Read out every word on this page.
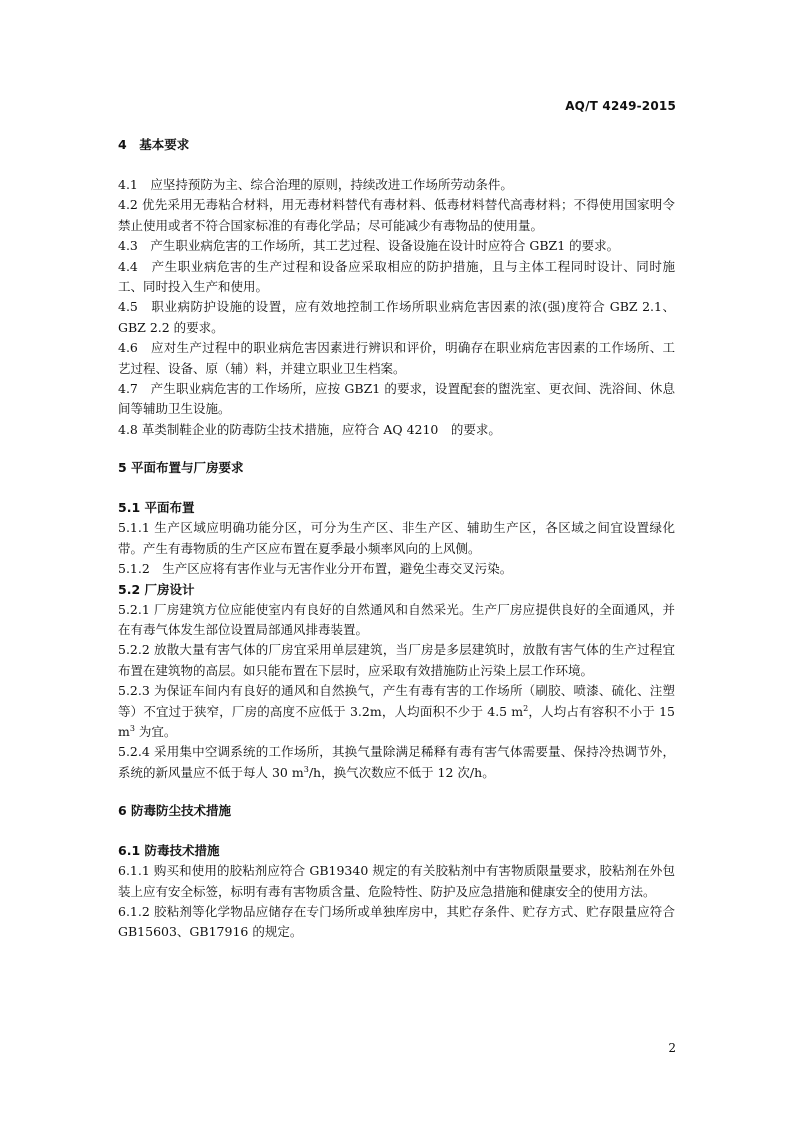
AQ/T 4249-2015
4　基本要求
4.1　应坚持预防为主、综合治理的原则，持续改进工作场所劳动条件。
4.2 优先采用无毒粘合材料，用无毒材料替代有毒材料、低毒材料替代高毒材料；不得使用国家明令禁止使用或者不符合国家标准的有毒化学品；尽可能减少有毒物品的使用量。
4.3　产生职业病危害的工作场所，其工艺过程、设备设施在设计时应符合 GBZ1 的要求。
4.4　产生职业病危害的生产过程和设备应采取相应的防护措施，且与主体工程同时设计、同时施工、同时投入生产和使用。
4.5　职业病防护设施的设置，应有效地控制工作场所职业病危害因素的浓(强)度符合 GBZ 2.1、GBZ 2.2 的要求。
4.6　应对生产过程中的职业病危害因素进行辨识和评价，明确存在职业病危害因素的工作场所、工艺过程、设备、原（辅）料，并建立职业卫生档案。
4.7　产生职业病危害的工作场所，应按 GBZ1 的要求，设置配套的盥洗室、更衣间、洗浴间、休息间等辅助卫生设施。
4.8 革类制鞋企业的防毒防尘技术措施，应符合 AQ 4210　的要求。
5 平面布置与厂房要求
5.1 平面布置
5.1.1 生产区域应明确功能分区，可分为生产区、非生产区、辅助生产区，各区域之间宜设置绿化带。产生有毒物质的生产区应布置在夏季最小频率风向的上风侧。
5.1.2　生产区应将有害作业与无害作业分开布置，避免尘毒交叉污染。
5.2 厂房设计
5.2.1 厂房建筑方位应能使室内有良好的自然通风和自然采光。生产厂房应提供良好的全面通风，并在有毒气体发生部位设置局部通风排毒装置。
5.2.2 放散大量有害气体的厂房宜采用单层建筑，当厂房是多层建筑时，放散有害气体的生产过程宜布置在建筑物的高层。如只能布置在下层时，应采取有效措施防止污染上层工作环境。
5.2.3 为保证车间内有良好的通风和自然换气，产生有毒有害的工作场所（刷胶、喷漆、硫化、注塑等）不宜过于狭窄，厂房的高度不应低于 3.2m，人均面积不少于 4.5 $m^2$，人均占有容积不小于 15 $m^3$ 为宜。
5.2.4 采用集中空调系统的工作场所，其换气量除满足稀释有毒有害气体需要量、保持冷热调节外，系统的新风量应不低于每人 30 $m^3/h$，换气次数应不低于 12 次/h。
6 防毒防尘技术措施
6.1 防毒技术措施
6.1.1 购买和使用的胶粘剂应符合 GB19340 规定的有关胶粘剂中有害物质限量要求，胶粘剂在外包装上应有安全标签，标明有毒有害物质含量、危险特性、防护及应急措施和健康安全的使用方法。
6.1.2 胶粘剂等化学物品应储存在专门场所或单独库房中，其贮存条件、贮存方式、贮存限量应符合 GB15603、GB17916 的规定。
2
